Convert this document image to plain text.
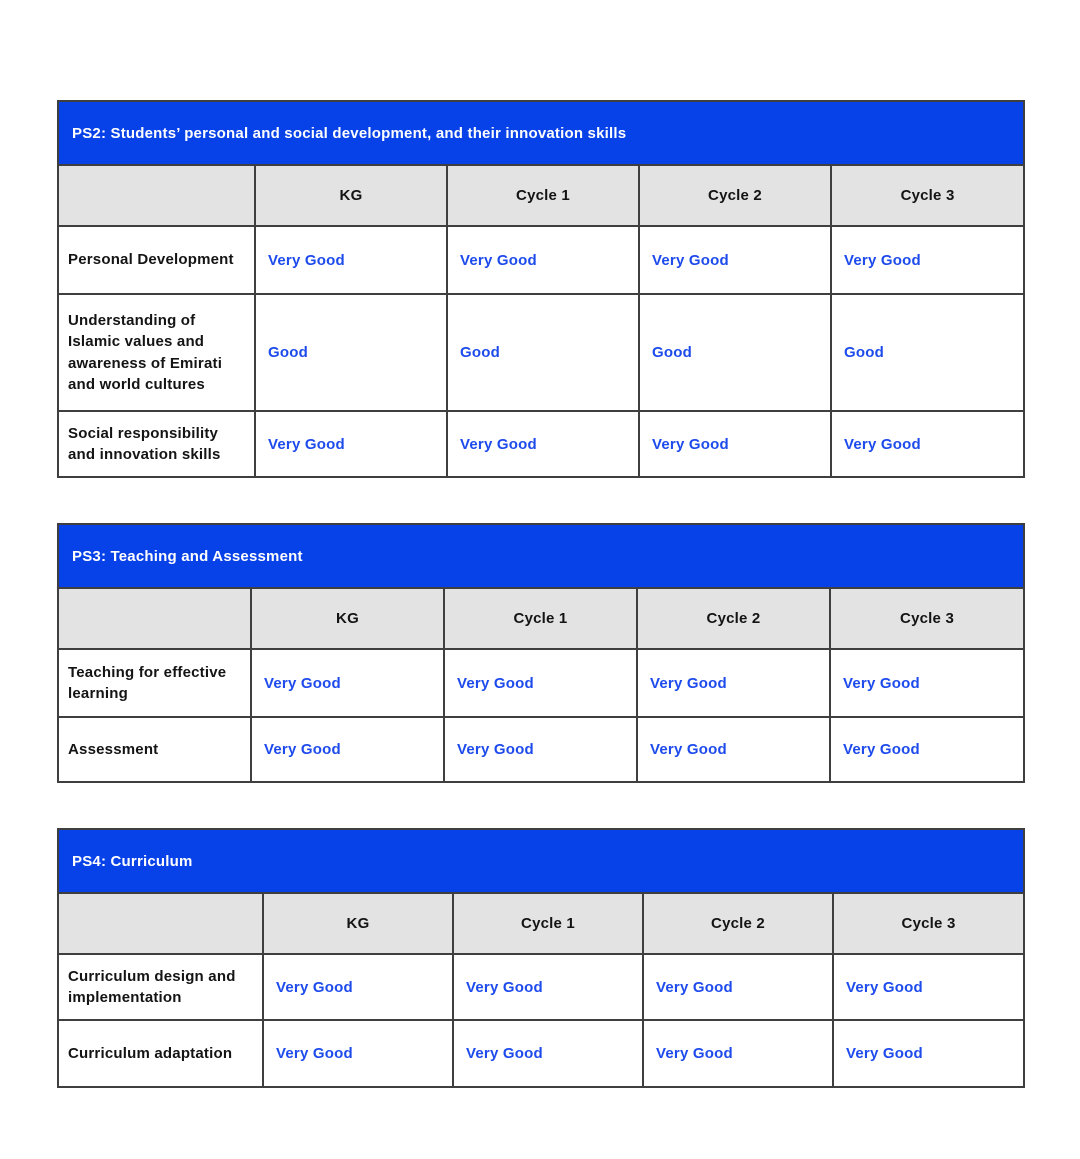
PS2: Students’ personal and social development, and their innovation skills				
	KG	Cycle 1	Cycle 2	Cycle 3
Personal Development	Very Good	Very Good	Very Good	Very Good
Understanding of Islamic values and awareness of Emirati and world cultures	Good	Good	Good	Good
Social responsibility and innovation skills	Very Good	Very Good	Very Good	Very Good
PS3: Teaching and Assessment				
	KG	Cycle 1	Cycle 2	Cycle 3
Teaching for effective learning	Very Good	Very Good	Very Good	Very Good
Assessment	Very Good	Very Good	Very Good	Very Good
PS4: Curriculum				
	KG	Cycle 1	Cycle 2	Cycle 3
Curriculum design and implementation	Very Good	Very Good	Very Good	Very Good
Curriculum adaptation	Very Good	Very Good	Very Good	Very Good
